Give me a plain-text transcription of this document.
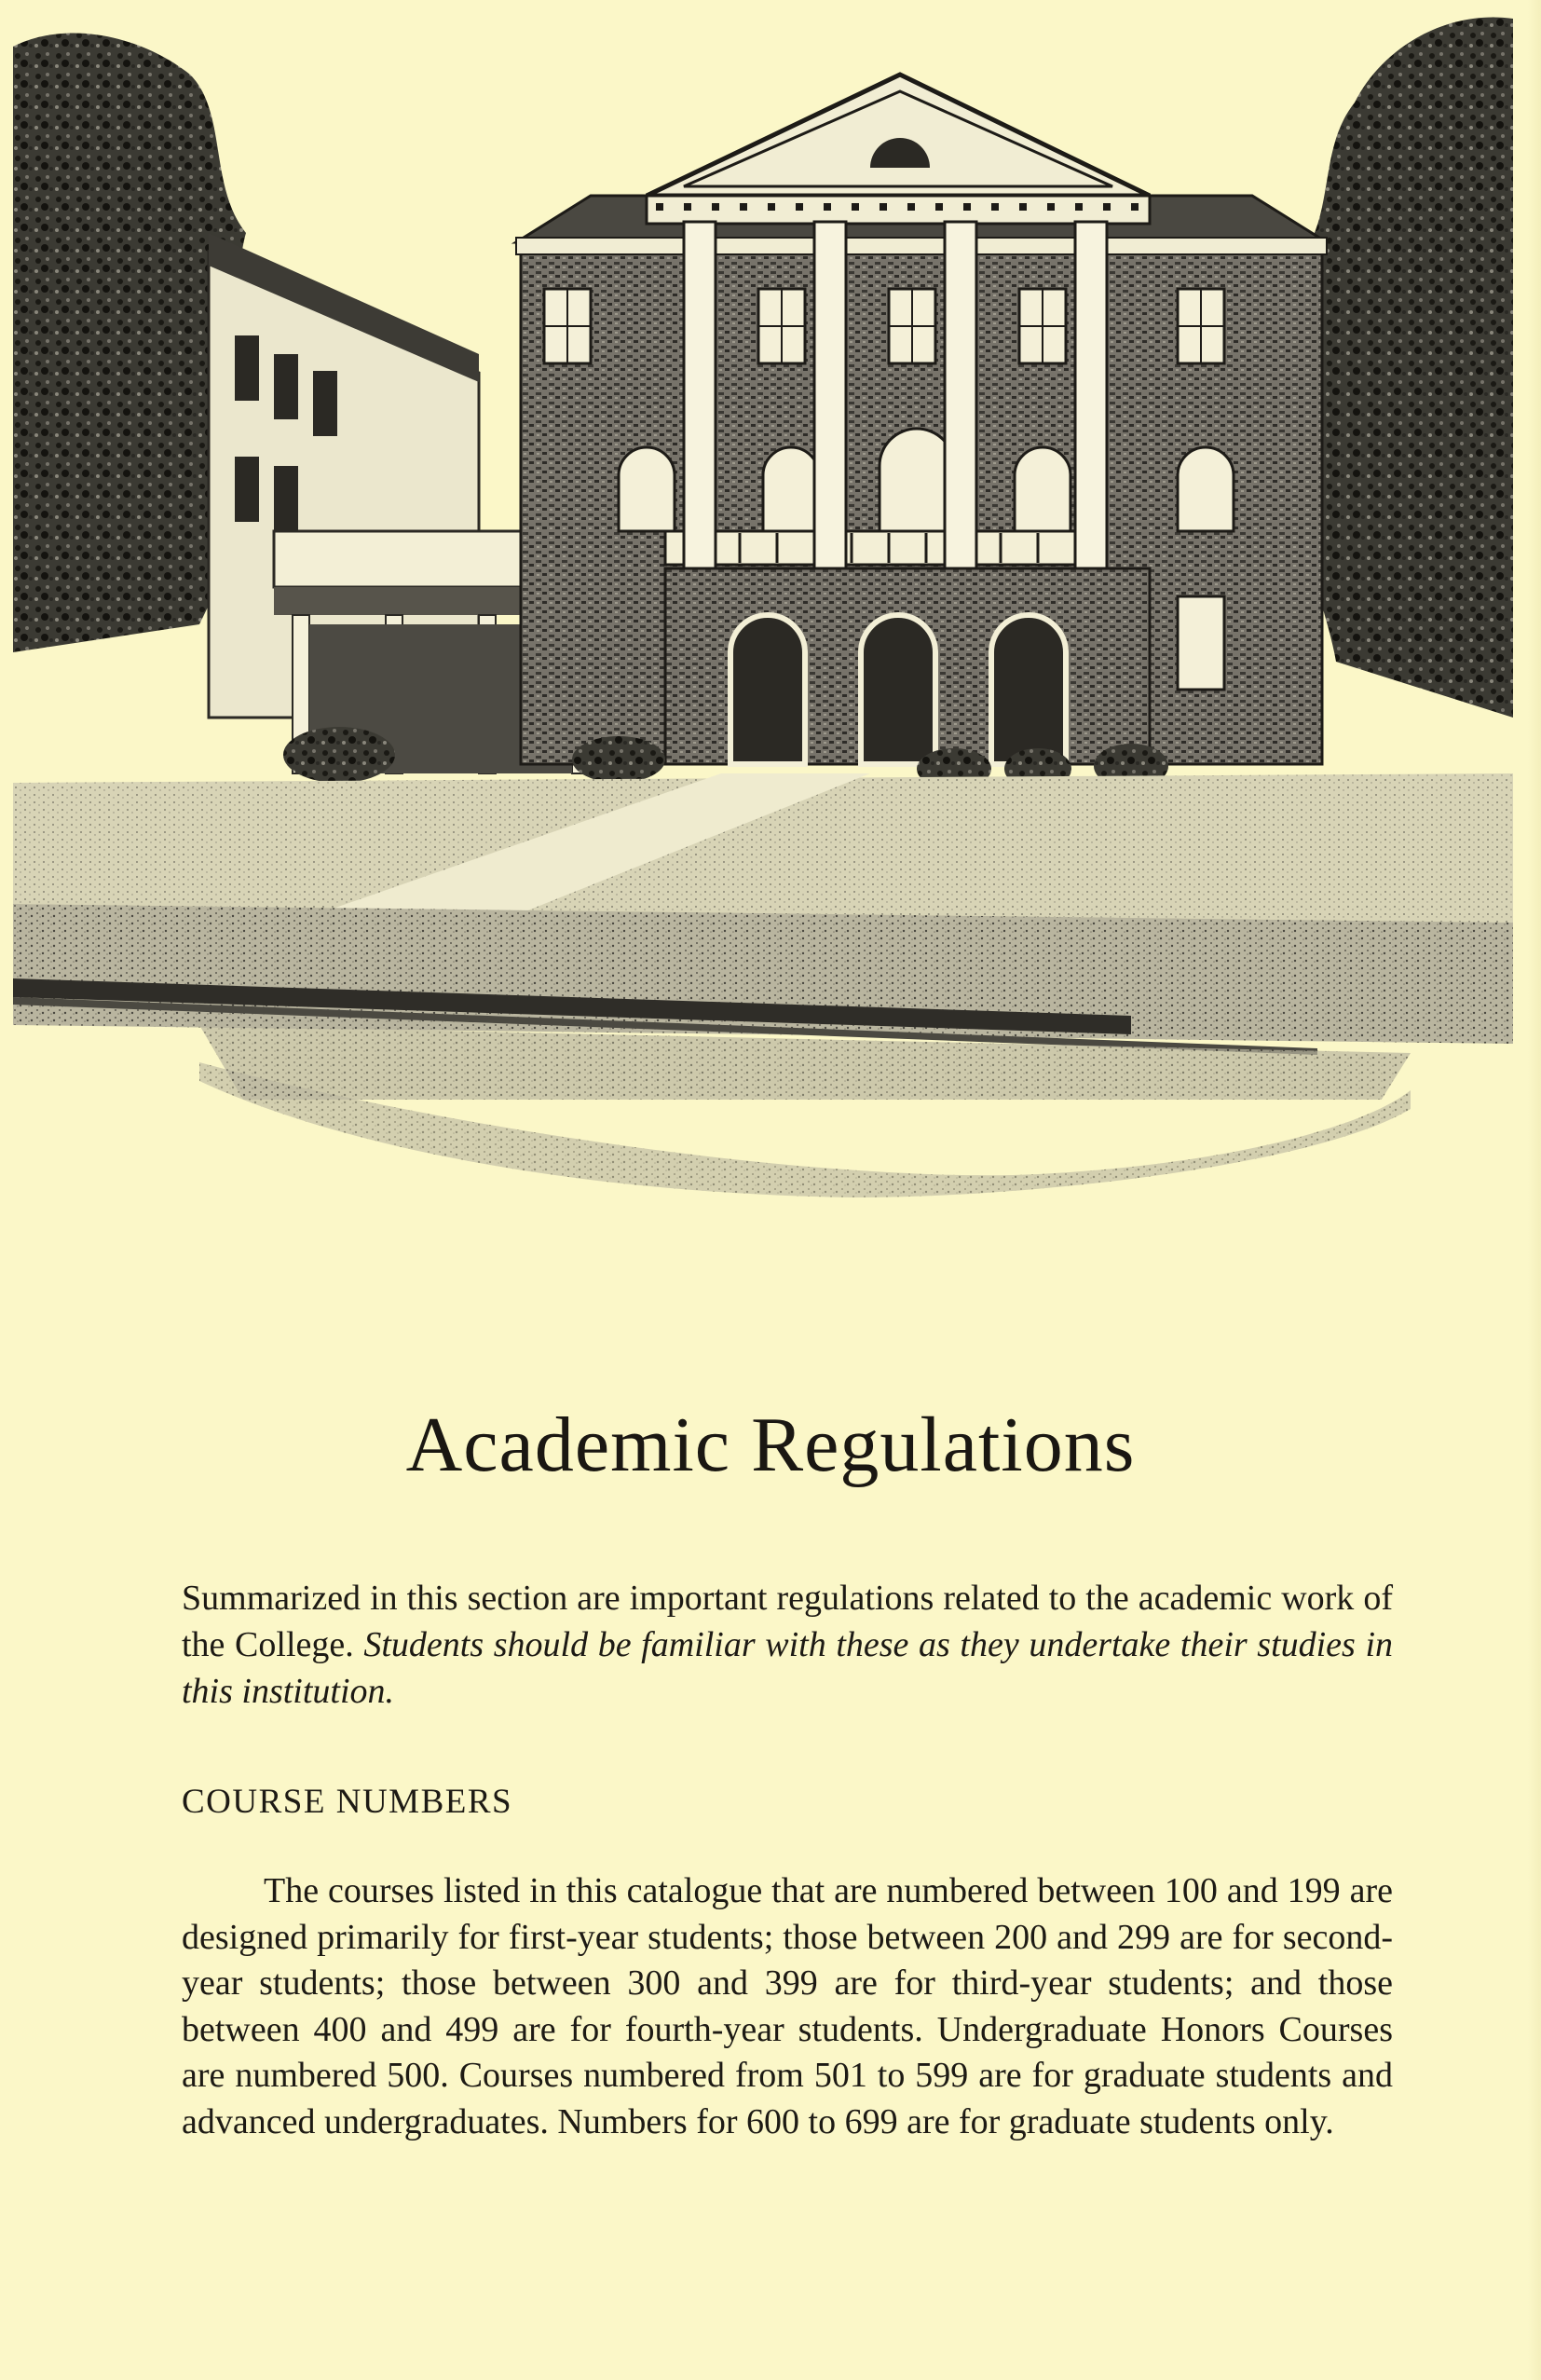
Academic Regulations

Summarized in this section are important regulations related to the academic work of the College. Students should be familiar with these as they undertake their studies in this institution.

COURSE NUMBERS

The courses listed in this catalogue that are numbered between 100 and 199 are designed primarily for first-year students; those between 200 and 299 are for second-year students; those between 300 and 399 are for third-year students; and those between 400 and 499 are for fourth-year students. Undergraduate Honors Courses are numbered 500. Courses numbered from 501 to 599 are for graduate students and advanced undergraduates. Numbers for 600 to 699 are for graduate students only.
